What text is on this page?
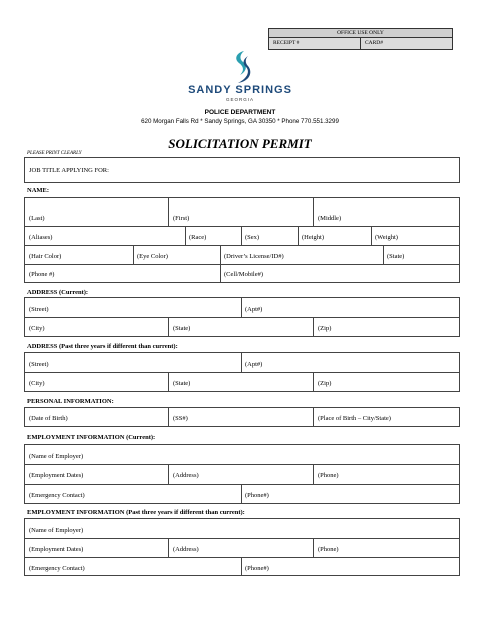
OFFICE USE ONLY
RECEIPT #	CARD#
SANDY SPRINGS
GEORGIA
POLICE DEPARTMENT
620 Morgan Falls Rd * Sandy Springs, GA 30350 * Phone 770.551.3299
SOLICITATION PERMIT
PLEASE PRINT CLEARLY
JOB TITLE APPLYING FOR:
NAME:
(Last)	(First)	(Middle)
(Aliases)	(Race)	(Sex)	(Height)	(Weight)
(Hair Color)	(Eye Color)	(Driver’s License/ID#)	(State)
(Phone #)	(Cell/Mobile#)
ADDRESS (Current):
(Street)	(Apt#)
(City)	(State)	(Zip)
ADDRESS (Past three years if different than current):
(Street)	(Apt#)
(City)	(State)	(Zip)
PERSONAL INFORMATION:
(Date of Birth)	(SS#)	(Place of Birth – City/State)
EMPLOYMENT INFORMATION (Current):
(Name of Employer)
(Employment Dates)	(Address)	(Phone)
(Emergency Contact)	(Phone#)
EMPLOYMENT INFORMATION (Past three years if different than current):
(Name of Employer)
(Employment Dates)	(Address)	(Phone)
(Emergency Contact)	(Phone#)
